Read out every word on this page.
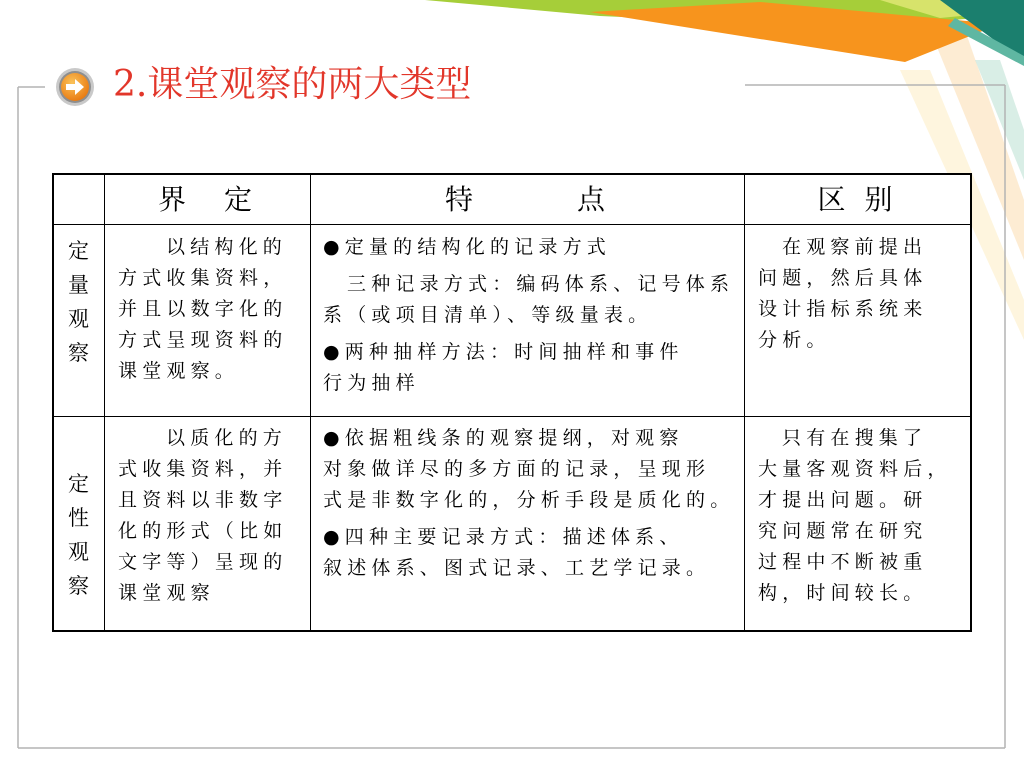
2.课堂观察的两大类型
界　定	特　　　点	区 别
定量观察
以结构化的
方式收集资料，
并且以数字化的
方式呈现资料的
课堂观察。
●定量的结构化的记录方式
三种记录方式：编码体系、记号体系
系（或项目清单）、等级量表。
●两种抽样方法：时间抽样和事件
行为抽样
在观察前提出
问题，然后具体
设计指标系统来
分析。
定性观察
以质化的方
式收集资料，并
且资料以非数字
化的形式（比如
文字等）呈现的
课堂观察
●依据粗线条的观察提纲，对观察
对象做详尽的多方面的记录，呈现形
式是非数字化的，分析手段是质化的。
●四种主要记录方式：描述体系、
叙述体系、图式记录、工艺学记录。
只有在搜集了
大量客观资料后，
才提出问题。研
究问题常在研究
过程中不断被重
构，时间较长。
